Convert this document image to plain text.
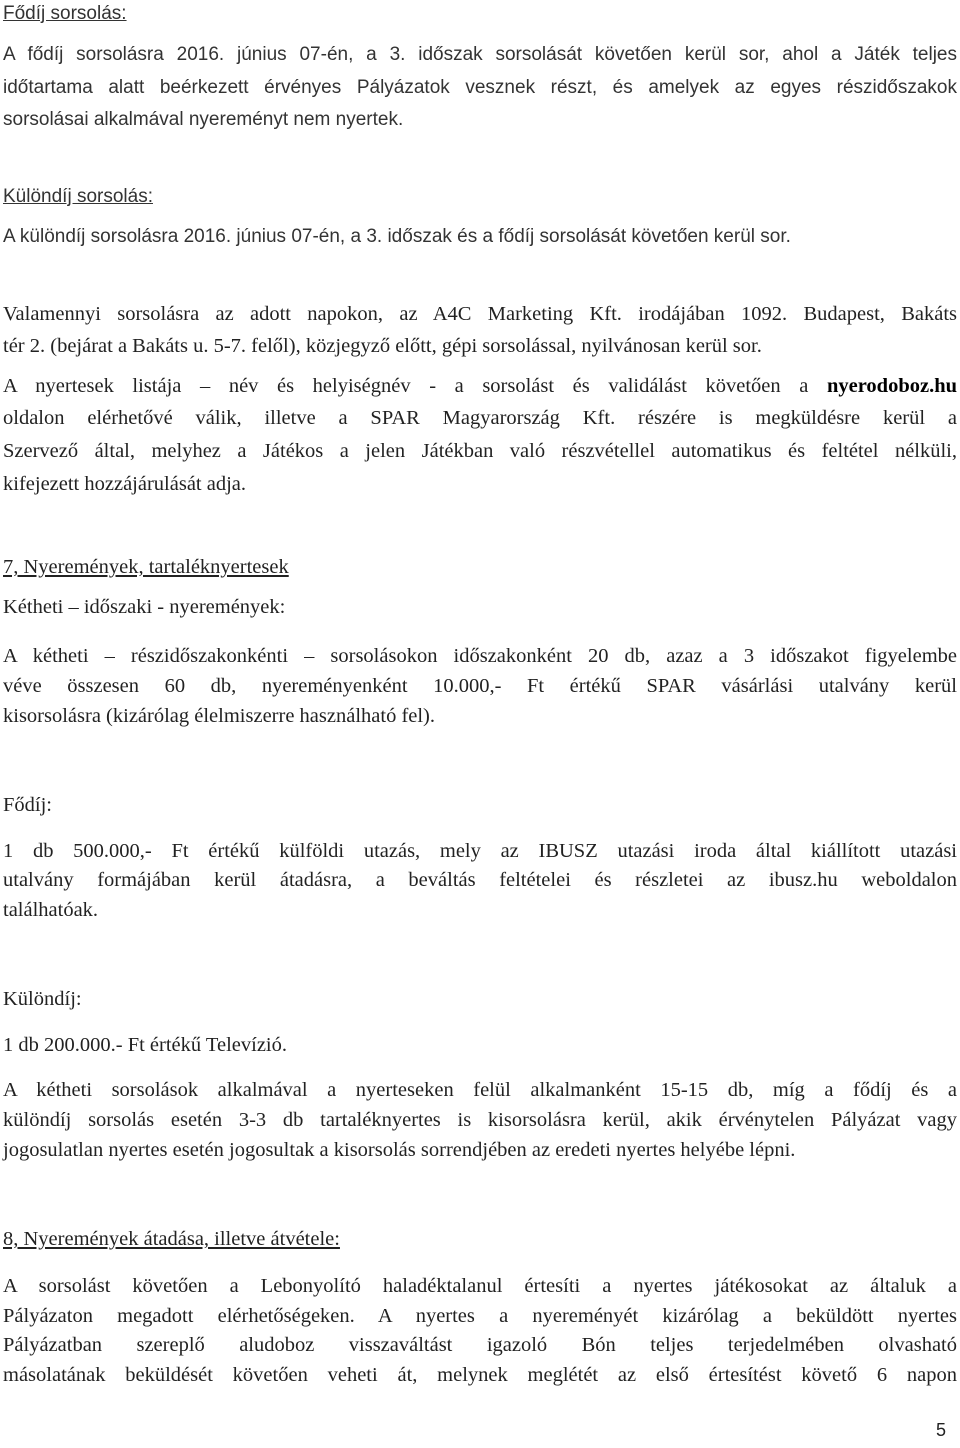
Fődíj sorsolás:
A fődíj sorsolásra 2016. június 07-én, a 3. időszak sorsolását követően kerül sor, ahol a Játék teljes
időtartama alatt beérkezett érvényes Pályázatok vesznek részt, és amelyek az egyes részidőszakok
sorsolásai alkalmával nyereményt nem nyertek.
Különdíj sorsolás:
A különdíj sorsolásra 2016. június 07-én, a 3. időszak és a fődíj sorsolását követően kerül sor.
Valamennyi sorsolásra az adott napokon, az A4C Marketing Kft. irodájában 1092. Budapest, Bakáts
tér 2. (bejárat a Bakáts u. 5-7. felől), közjegyző előtt, gépi sorsolással, nyilvánosan kerül sor.
A nyertesek listája – név és helyiségnév - a sorsolást és validálást követően a nyerodoboz.hu
oldalon elérhetővé válik, illetve a SPAR Magyarország Kft. részére is megküldésre kerül a
Szervező által, melyhez a Játékos a jelen Játékban való részvétellel automatikus és feltétel nélküli,
kifejezett hozzájárulását adja.
7, Nyeremények, tartaléknyertesek
Kétheti – időszaki - nyeremények:
A kétheti – részidőszakonkénti – sorsolásokon időszakonként 20 db, azaz a 3 időszakot figyelembe
véve összesen 60 db, nyereményenként 10.000,- Ft értékű SPAR vásárlási utalvány kerül
kisorsolásra (kizárólag élelmiszerre használható fel).
Fődíj:
1 db 500.000,- Ft értékű külföldi utazás, mely az IBUSZ utazási iroda által kiállított utazási
utalvány formájában kerül átadásra, a beváltás feltételei és részletei az ibusz.hu weboldalon
találhatóak.
Különdíj:
1 db 200.000.- Ft értékű Televízió.
A kétheti sorsolások alkalmával a nyerteseken felül alkalmanként 15-15 db, míg a fődíj és a
különdíj sorsolás esetén 3-3 db tartaléknyertes is kisorsolásra kerül, akik érvénytelen Pályázat vagy
jogosulatlan nyertes esetén jogosultak a kisorsolás sorrendjében az eredeti nyertes helyébe lépni.
8, Nyeremények átadása, illetve átvétele:
A sorsolást követően a Lebonyolító haladéktalanul értesíti a nyertes játékosokat az általuk a
Pályázaton megadott elérhetőségeken. A nyertes a nyereményét kizárólag a beküldött nyertes
Pályázatban szereplő aludoboz visszaváltást igazoló Bón teljes terjedelmében olvasható
másolatának beküldését követően veheti át, melynek meglétét az első értesítést követő 6 napon
5
